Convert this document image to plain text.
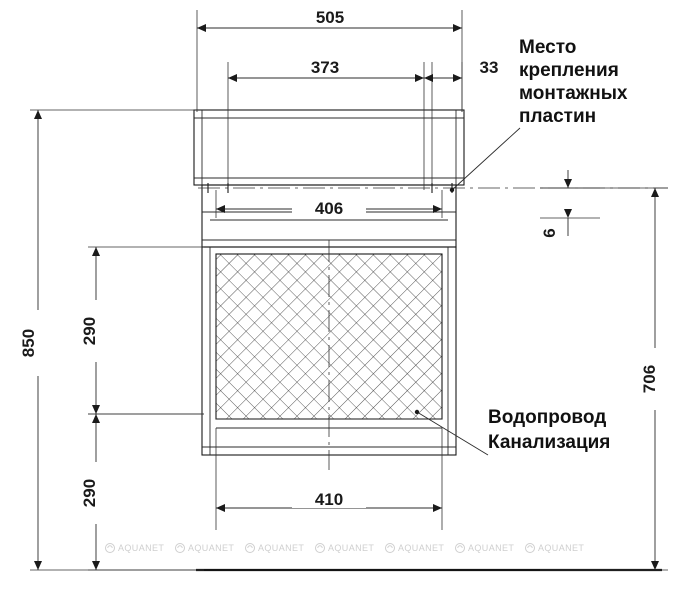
505
373	33
406
6
850
706
290
290	410
Место
крепления
монтажных
пластин
Водопровод
Канализация
AQUANET	AQUANET	AQUANET	AQUANET	AQUANET	AQUANET	AQUANET
